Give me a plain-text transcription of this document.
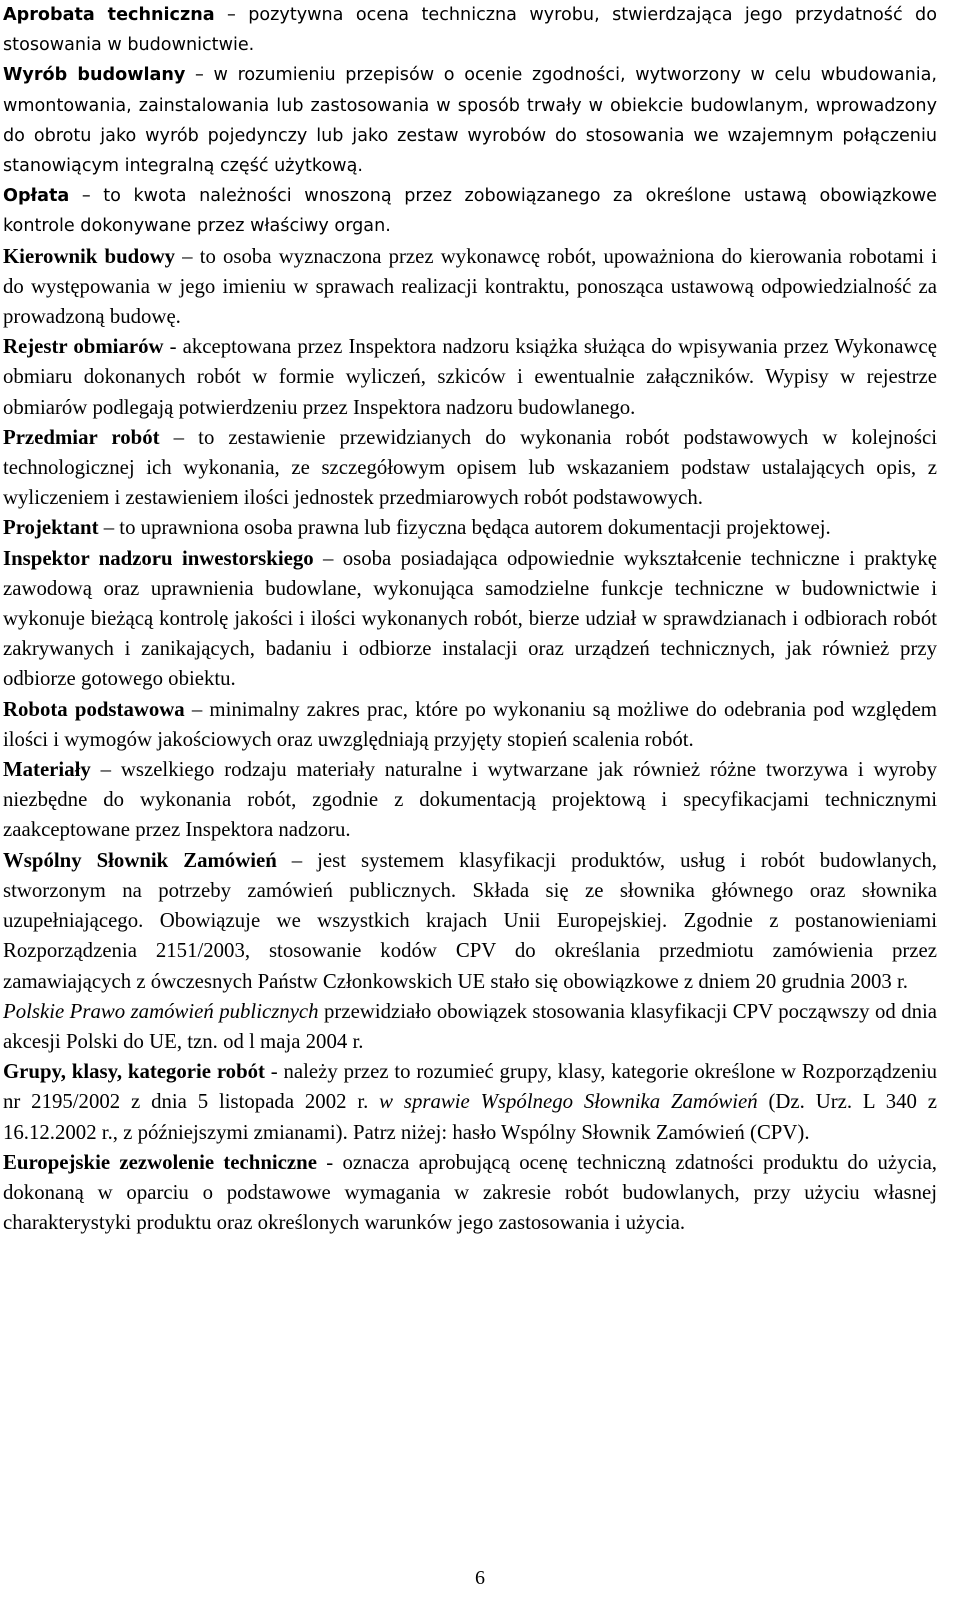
Aprobata techniczna – pozytywna ocena techniczna wyrobu, stwierdzająca jego przydatność do stosowania w budownictwie.

Wyrób budowlany – w rozumieniu przepisów o ocenie zgodności, wytworzony w celu wbudowania, wmontowania, zainstalowania lub zastosowania w sposób trwały w obiekcie budowlanym, wprowadzony do obrotu jako wyrób pojedynczy lub jako zestaw wyrobów do stosowania we wzajemnym połączeniu stanowiącym integralną część użytkową.

Opłata – to kwota należności wnoszoną przez zobowiązanego za określone ustawą obowiązkowe kontrole dokonywane przez właściwy organ.

Kierownik budowy – to osoba wyznaczona przez wykonawcę robót, upoważniona do kierowania robotami i do występowania w jego imieniu w sprawach realizacji kontraktu, ponosząca ustawową odpowiedzialność za prowadzoną budowę.

Rejestr obmiarów - akceptowana przez Inspektora nadzoru książka służąca do wpisywania przez Wykonawcę obmiaru dokonanych robót w formie wyliczeń, szkiców i ewentualnie załączników. Wypisy w rejestrze obmiarów podlegają potwierdzeniu przez Inspektora nadzoru budowlanego.

Przedmiar robót – to zestawienie przewidzianych do wykonania robót podstawowych w kolejności technologicznej ich wykonania, ze szczegółowym opisem lub wskazaniem podstaw ustalających opis, z wyliczeniem i zestawieniem ilości jednostek przedmiarowych robót podstawowych.

Projektant – to uprawniona osoba prawna lub fizyczna będąca autorem dokumentacji projektowej.

Inspektor nadzoru inwestorskiego – osoba posiadająca odpowiednie wykształcenie techniczne i praktykę zawodową oraz uprawnienia budowlane, wykonująca samodzielne funkcje techniczne w budownictwie i wykonuje bieżącą kontrolę jakości i ilości wykonanych robót, bierze udział w sprawdzianach i odbiorach robót zakrywanych i zanikających, badaniu i odbiorze instalacji oraz urządzeń technicznych, jak również przy odbiorze gotowego obiektu.

Robota podstawowa – minimalny zakres prac, które po wykonaniu są możliwe do odebrania pod względem ilości i wymogów jakościowych oraz uwzględniają przyjęty stopień scalenia robót.

Materiały – wszelkiego rodzaju materiały naturalne i wytwarzane jak również różne tworzywa i wyroby niezbędne do wykonania robót, zgodnie z dokumentacją projektową i specyfikacjami technicznymi zaakceptowane przez Inspektora nadzoru.

Wspólny Słownik Zamówień – jest systemem klasyfikacji produktów, usług i robót budowlanych, stworzonym na potrzeby zamówień publicznych. Składa się ze słownika głównego oraz słownika uzupełniającego. Obowiązuje we wszystkich krajach Unii Europejskiej. Zgodnie z postanowieniami Rozporządzenia 2151/2003, stosowanie kodów CPV do określania przedmiotu zamówienia przez zamawiających z ówczesnych Państw Członkowskich UE stało się obowiązkowe z dniem 20 grudnia 2003 r.

Polskie Prawo zamówień publicznych przewidziało obowiązek stosowania klasyfikacji CPV począwszy od dnia akcesji Polski do UE, tzn. od l maja 2004 r.

Grupy, klasy, kategorie robót - należy przez to rozumieć grupy, klasy, kategorie określone w Rozporządzeniu nr 2195/2002 z dnia 5 listopada 2002 r. w sprawie Wspólnego Słownika Zamówień (Dz. Urz. L 340 z 16.12.2002 r., z późniejszymi zmianami). Patrz niżej: hasło Wspólny Słownik Zamówień (CPV).

Europejskie zezwolenie techniczne - oznacza aprobującą ocenę techniczną zdatności produktu do użycia, dokonaną w oparciu o podstawowe wymagania w zakresie robót budowlanych, przy użyciu własnej charakterystyki produktu oraz określonych warunków jego zastosowania i użycia.

6
